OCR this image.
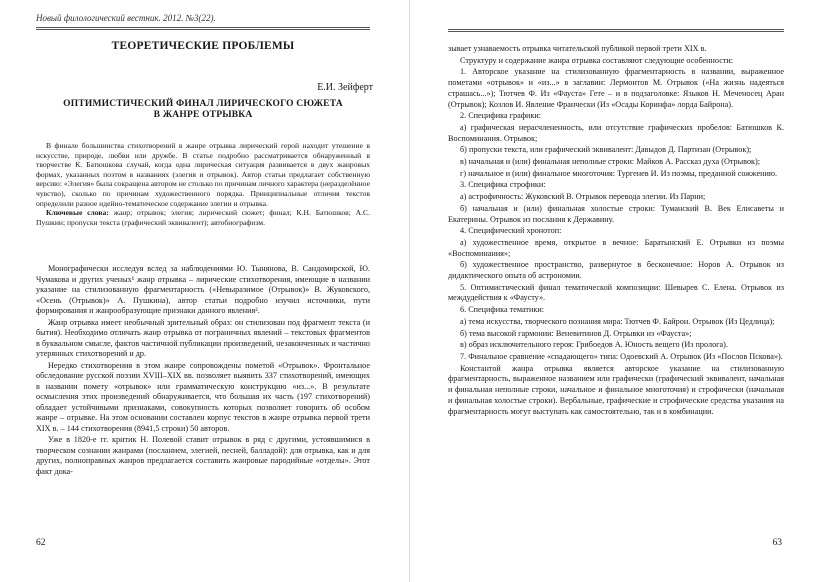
Новый филологический вестник. 2012. №3(22).
ТЕОРЕТИЧЕСКИЕ ПРОБЛЕМЫ
Е.И. Зейферт
ОПТИМИСТИЧЕСКИЙ ФИНАЛ ЛИРИЧЕСКОГО СЮЖЕТА
В ЖАНРЕ ОТРЫВКА

В финале большинства стихотворений в жанре отрывка лирический герой находит утешение в искусстве, природе, любви или дружбе. В статье подробно рассматривается обнаруженный в творчестве К. Батюшкова случай, когда одна лирическая ситуация развивается в двух жанровых формах, указанных поэтом в названиях (элегия и отрывок). Автор статьи предлагает собственную версию: «Элегия» была сокращена автором не столько по причинам личного характера (неразделённое чувство), сколько по причинам художественного порядка. Принципиальные отличия текстов определили разное идейно-тематическое содержание элегии и отрывка.

Ключевые слова: жанр; отрывок; элегия; лирический сюжет; финал; К.Н. Батюшков; А.С. Пушкин; пропуски текста (графический эквивалент); автобиографизм.

Монографически исследуя вслед за наблюдениями Ю. Тынянова, В. Сандомирской, Ю. Чумакова и других ученых¹ жанр отрывка – лирические стихотворения, имеющие в названии указание на стилизованную фрагментарность («Невыразимое (Отрывок)» В. Жуковского, «Осень (Отрывок)» А. Пушкина), автор статьи подробно изучил источники, пути формирования и жанрообразующие признаки данного явления².

Жанр отрывка имеет необычный зрительный образ: он стилизован под фрагмент текста (и бытия). Необходимо отличать жанр отрывка от пограничных явлений – текстовых фрагментов в буквальном смысле, фактов частичной публикации произведений, незаконченных и частично утерянных стихотворений и др.

Нередко стихотворения в этом жанре сопровождены пометой «Отрывок». Фронтальное обследование русской поэзии XVIII–XIX вв. позволяет выявить 337 стихотворений, имеющих в названии помету «отрывок» или грамматическую конструкцию «из...». В результате осмысления этих произведений обнаруживается, что большая их часть (197 стихотворений) обладает устойчивыми признаками, совокупность которых позволяет говорить об особом жанре – отрывке. На этом основании составлен корпус текстов в жанре отрывка первой трети XIX в. – 144 стихотворения (8941,5 строки) 50 авторов.

Уже в 1820-е гг. критик Н. Полевой ставит отрывок в ряд с другими, устоявшимися в творческом сознании жанрами (посланием, элегией, песней, балладой): для отрывка, как и для других, полноправных жанров предлагается составить жанровые пародийные «отделы». Этот факт дока-

62

зывает узнаваемость отрывка читательской публикой первой трети XIX в.

Структуру и содержание жанра отрывка составляют следующие особенности:

1. Авторское указание на стилизованную фрагментарность в названии, выраженное пометами «отрывок» и «из...» в заглавии: Лермонтов М. Отрывок («На жизнь надеяться страшась...»); Тютчев Ф. Из «Фауста» Гете – и в подзаголовке: Языков Н. Меченосец Аран (Отрывок); Козлов И. Явление Франчески (Из «Осады Коринфа» лорда Байрона).

2. Специфика графики:

а) графическая нерасчлененность, или отсутствие графических пробелов: Батюшков К. Воспоминания. Отрывок;

б) пропуски текста, или графический эквивалент: Давыдов Д. Партизан (Отрывок);

в) начальная и (или) финальная неполные строки: Майков А. Рассказ духа (Отрывок);

г) начальное и (или) финальное многоточия: Тургенев И. Из поэмы, преданной сожжению.

3. Специфика строфики:

а) астрофичность: Жуковский В. Отрывок перевода элегии. Из Парни;

б) начальная и (или) финальная холостые строки: Туманский В. Век Елисаветы и Екатерины. Отрывок из послания к Державину.

4. Специфический хронотоп:

а) художественное время, открытое в вечное: Баратынский Е. Отрывки из поэмы «Воспоминания»;

б) художественное пространство, развернутое в бесконечное: Норов А. Отрывок из дидактического опыта об астрономии.

5. Оптимистический финал тематической композиции: Шевырев С. Елена. Отрывок из междудействия к «Фаусту».

6. Специфика тематики:

а) тема искусства, творческого познания мира: Тютчев Ф. Байрон. Отрывок (Из Цедлица);

б) тема высокой гармонии: Веневитинов Д. Отрывки из «Фауста»;

в) образ исключительного героя: Грибоедов А. Юность вещего (Из пролога).

7. Финальное сравнение «спадающего» типа: Одоевский А. Отрывок (Из «Послов Пскова»).

Константой жанра отрывка является авторское указание на стилизованную фрагментарность, выраженное названием или графически (графический эквивалент, начальная и финальная неполные строки, начальное и финальное многоточия) и строфически (начальная и финальная холостые строки). Вербальные, графические и строфические средства указания на фрагментарность могут выступать как самостоятельно, так и в комбинации.

63
